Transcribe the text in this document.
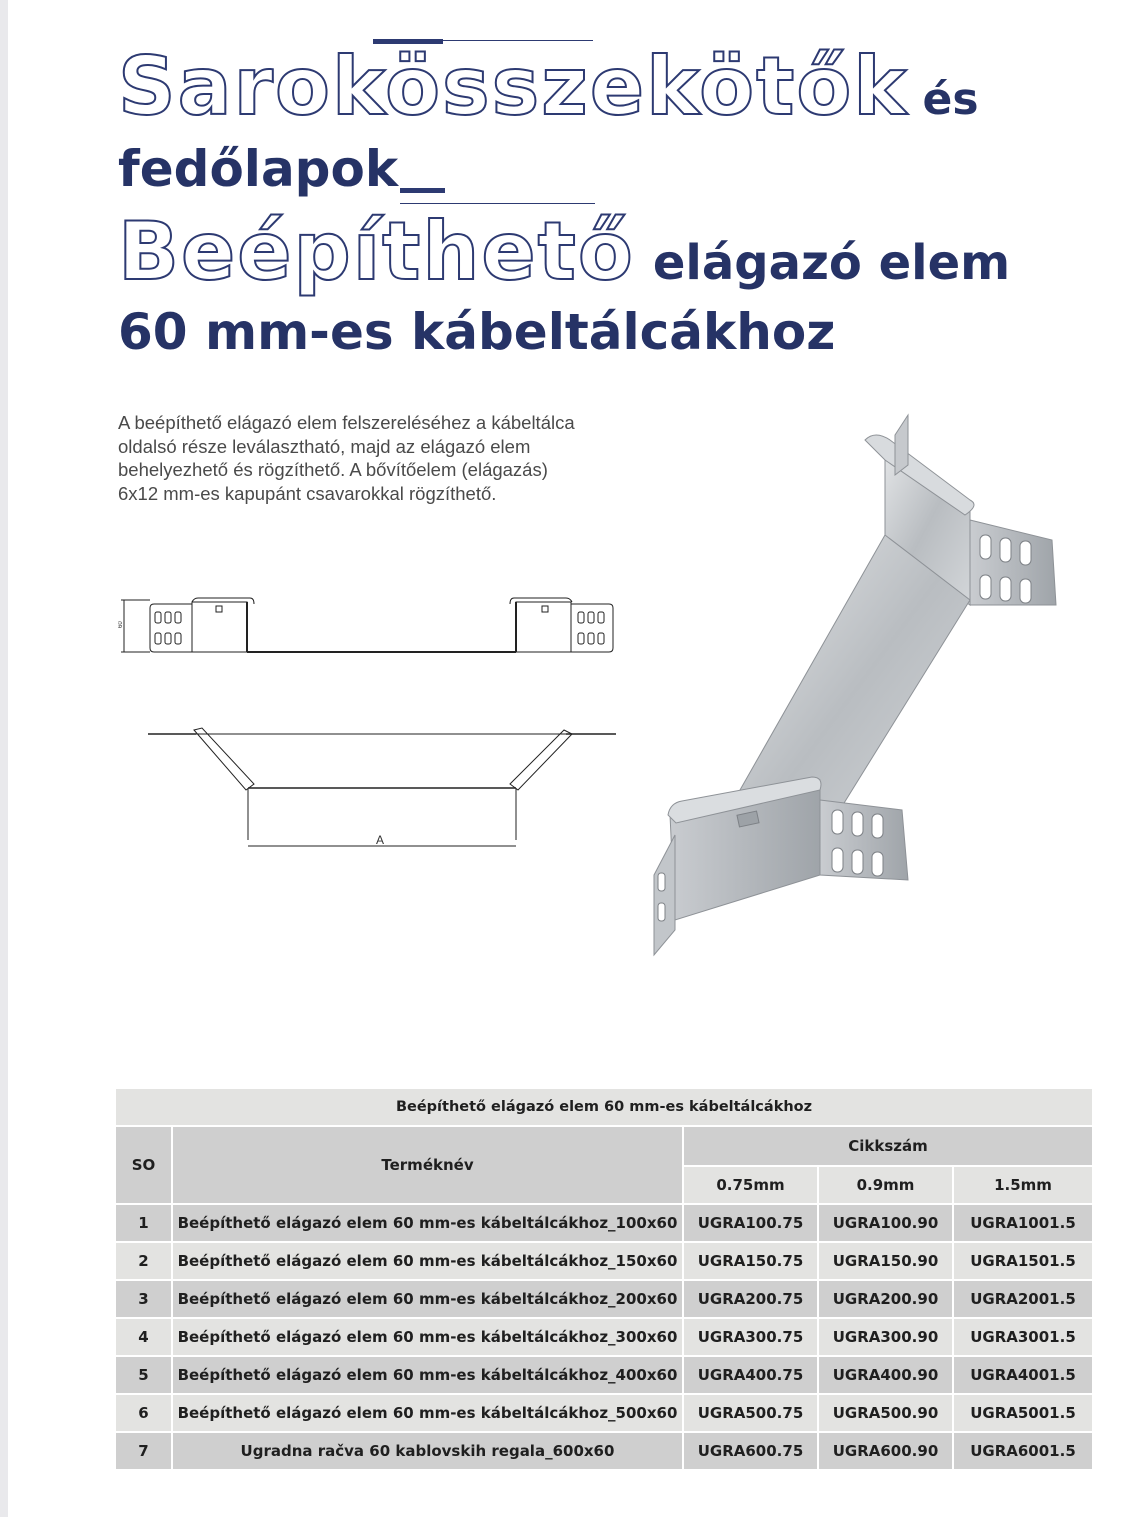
Sarokösszekötők és
fedőlapok
Beépíthető elágazó elem
60 mm-es kábeltálcákhoz

A beépíthető elágazó elem felszereléséhez a kábeltálca oldalsó része leválasztható, majd az elágazó elem behelyezhető és rögzíthető. A bővítőelem (elágazás) 6x12 mm-es kapupánt csavarokkal rögzíthető.

60
A
Beépíthető elágazó elem 60 mm-es kábeltálcákhoz				
SO	Terméknév	Cikkszám		
		0.75mm	0.9mm	1.5mm
1	Beépíthető elágazó elem 60 mm-es kábeltálcákhoz_100x60	UGRA100.75	UGRA100.90	UGRA1001.5
2	Beépíthető elágazó elem 60 mm-es kábeltálcákhoz_150x60	UGRA150.75	UGRA150.90	UGRA1501.5
3	Beépíthető elágazó elem 60 mm-es kábeltálcákhoz_200x60	UGRA200.75	UGRA200.90	UGRA2001.5
4	Beépíthető elágazó elem 60 mm-es kábeltálcákhoz_300x60	UGRA300.75	UGRA300.90	UGRA3001.5
5	Beépíthető elágazó elem 60 mm-es kábeltálcákhoz_400x60	UGRA400.75	UGRA400.90	UGRA4001.5
6	Beépíthető elágazó elem 60 mm-es kábeltálcákhoz_500x60	UGRA500.75	UGRA500.90	UGRA5001.5
7	Ugradna račva 60 kablovskih regala_600x60	UGRA600.75	UGRA600.90	UGRA6001.5
